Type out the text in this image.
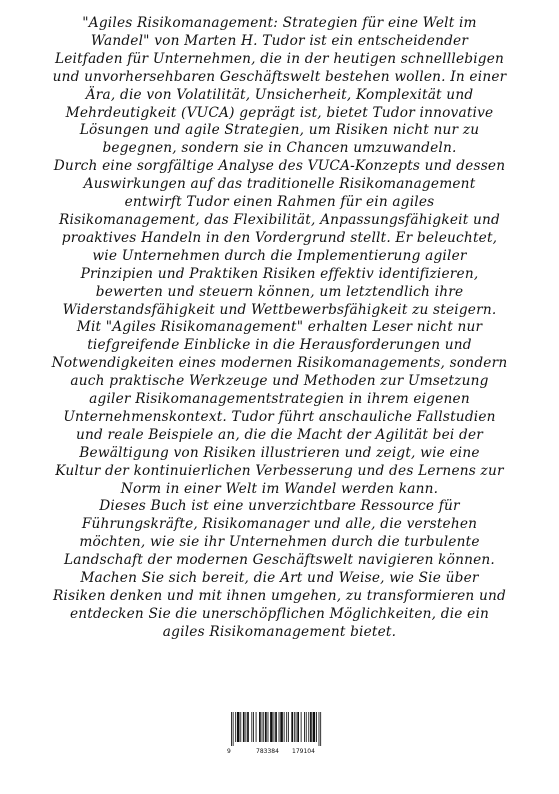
"Agiles Risikomanagement: Strategien für eine Welt im
Wandel" von Marten H. Tudor ist ein entscheidender
Leitfaden für Unternehmen, die in der heutigen schnelllebigen
und unvorhersehbaren Geschäftswelt bestehen wollen. In einer
Ära, die von Volatilität, Unsicherheit, Komplexität und
Mehrdeutigkeit (VUCA) geprägt ist, bietet Tudor innovative
Lösungen und agile Strategien, um Risiken nicht nur zu
begegnen, sondern sie in Chancen umzuwandeln.
Durch eine sorgfältige Analyse des VUCA-Konzepts und dessen
Auswirkungen auf das traditionelle Risikomanagement
entwirft Tudor einen Rahmen für ein agiles
Risikomanagement, das Flexibilität, Anpassungsfähigkeit und
proaktives Handeln in den Vordergrund stellt. Er beleuchtet,
wie Unternehmen durch die Implementierung agiler
Prinzipien und Praktiken Risiken effektiv identifizieren,
bewerten und steuern können, um letztendlich ihre
Widerstandsfähigkeit und Wettbewerbsfähigkeit zu steigern.
Mit "Agiles Risikomanagement" erhalten Leser nicht nur
tiefgreifende Einblicke in die Herausforderungen und
Notwendigkeiten eines modernen Risikomanagements, sondern
auch praktische Werkzeuge und Methoden zur Umsetzung
agiler Risikomanagementstrategien in ihrem eigenen
Unternehmenskontext. Tudor führt anschauliche Fallstudien
und reale Beispiele an, die die Macht der Agilität bei der
Bewältigung von Risiken illustrieren und zeigt, wie eine
Kultur der kontinuierlichen Verbesserung und des Lernens zur
Norm in einer Welt im Wandel werden kann.
Dieses Buch ist eine unverzichtbare Ressource für
Führungskräfte, Risikomanager und alle, die verstehen
möchten, wie sie ihr Unternehmen durch die turbulente
Landschaft der modernen Geschäftswelt navigieren können.
Machen Sie sich bereit, die Art und Weise, wie Sie über
Risiken denken und mit ihnen umgehen, zu transformieren und
entdecken Sie die unerschöpflichen Möglichkeiten, die ein
agiles Risikomanagement bietet.
9	783384 179104
